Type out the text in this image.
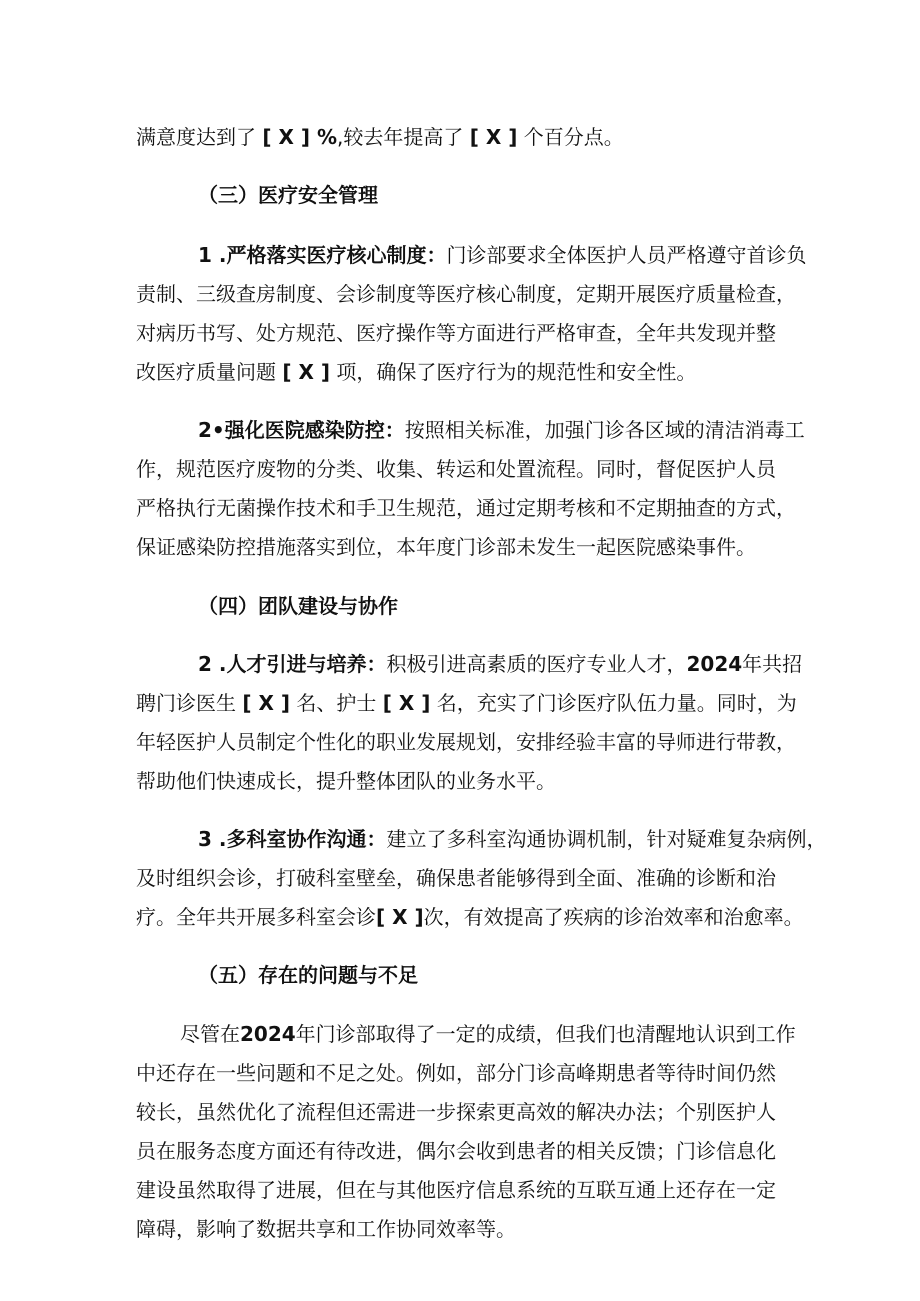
满意度达到了 [ X ] %,较去年提高了 [ X ] 个百分点。
（三）医疗安全管理
1 .严格落实医疗核心制度：门诊部要求全体医护人员严格遵守首诊负
责制、三级查房制度、会诊制度等医疗核心制度，定期开展医疗质量检查，
对病历书写、处方规范、医疗操作等方面进行严格审查，全年共发现并整
改医疗质量问题 [ X ] 项，确保了医疗行为的规范性和安全性。
2•强化医院感染防控：按照相关标准，加强门诊各区域的清洁消毒工
作，规范医疗废物的分类、收集、转运和处置流程。同时，督促医护人员
严格执行无菌操作技术和手卫生规范，通过定期考核和不定期抽查的方式，
保证感染防控措施落实到位，本年度门诊部未发生一起医院感染事件。
（四）团队建设与协作
2 .人才引进与培养：积极引进高素质的医疗专业人才，2024年共招
聘门诊医生 [ X ] 名、护士 [ X ] 名，充实了门诊医疗队伍力量。同时，为
年轻医护人员制定个性化的职业发展规划，安排经验丰富的导师进行带教，
帮助他们快速成长，提升整体团队的业务水平。
3 .多科室协作沟通：建立了多科室沟通协调机制，针对疑难复杂病例，
及时组织会诊，打破科室壁垒，确保患者能够得到全面、准确的诊断和治
疗。全年共开展多科室会诊[ X ]次，有效提高了疾病的诊治效率和治愈率。
（五）存在的问题与不足
尽管在2024年门诊部取得了一定的成绩，但我们也清醒地认识到工作
中还存在一些问题和不足之处。例如，部分门诊高峰期患者等待时间仍然
较长，虽然优化了流程但还需进一步探索更高效的解决办法；个别医护人
员在服务态度方面还有待改进，偶尔会收到患者的相关反馈；门诊信息化
建设虽然取得了进展，但在与其他医疗信息系统的互联互通上还存在一定
障碍，影响了数据共享和工作协同效率等。
